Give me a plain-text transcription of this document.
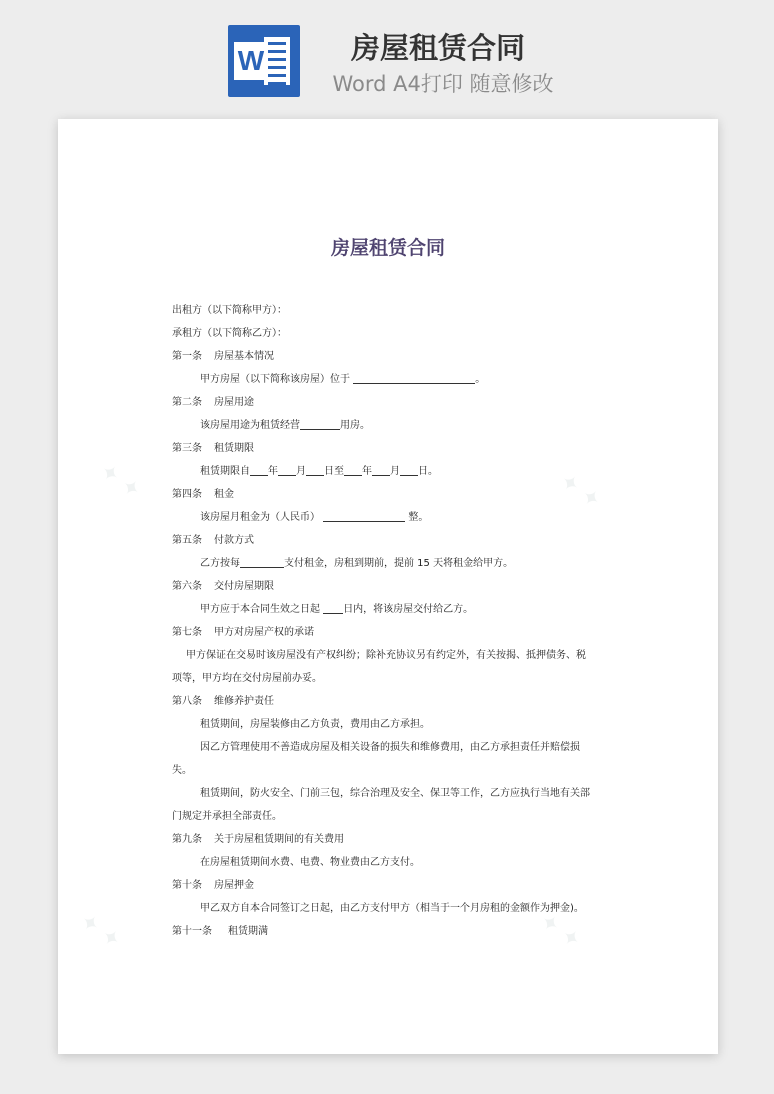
W	房屋租赁合同
Word A4打印 随意修改
✦ ✦	✦ ✦
✦ ✦	✦ ✦
房屋租赁合同
出租方（以下简称甲方）：
承租方（以下简称乙方）：
第一条 房屋基本情况
甲方房屋（以下简称该房屋）位于	。
第二条 房屋用途
该房屋用途为租赁经营	用房。
第三条 租赁期限
租赁期限自 年 月 日至 年 月 日。
第四条 租金
该房屋月租金为（人民币）	整。
第五条 付款方式
乙方按每	支付租金，房租到期前，提前 15 天将租金给甲方。
第六条 交付房屋期限
甲方应于本合同生效之日起 日内，将该房屋交付给乙方。
第七条 甲方对房屋产权的承诺
甲方保证在交易时该房屋没有产权纠纷；除补充协议另有约定外，有关按揭、抵押债务、税
项等，甲方均在交付房屋前办妥。
第八条 维修养护责任
租赁期间，房屋装修由乙方负责，费用由乙方承担。
因乙方管理使用不善造成房屋及相关设备的损失和维修费用，由乙方承担责任并赔偿损
失。
租赁期间，防火安全、门前三包，综合治理及安全、保卫等工作，乙方应执行当地有关部
门规定并承担全部责任。
第九条 关于房屋租赁期间的有关费用
在房屋租赁期间水费、电费、物业费由乙方支付。
第十条 房屋押金
甲乙双方自本合同签订之日起，由乙方支付甲方（相当于一个月房租的金额作为押金)。
第十一条 租赁期满
